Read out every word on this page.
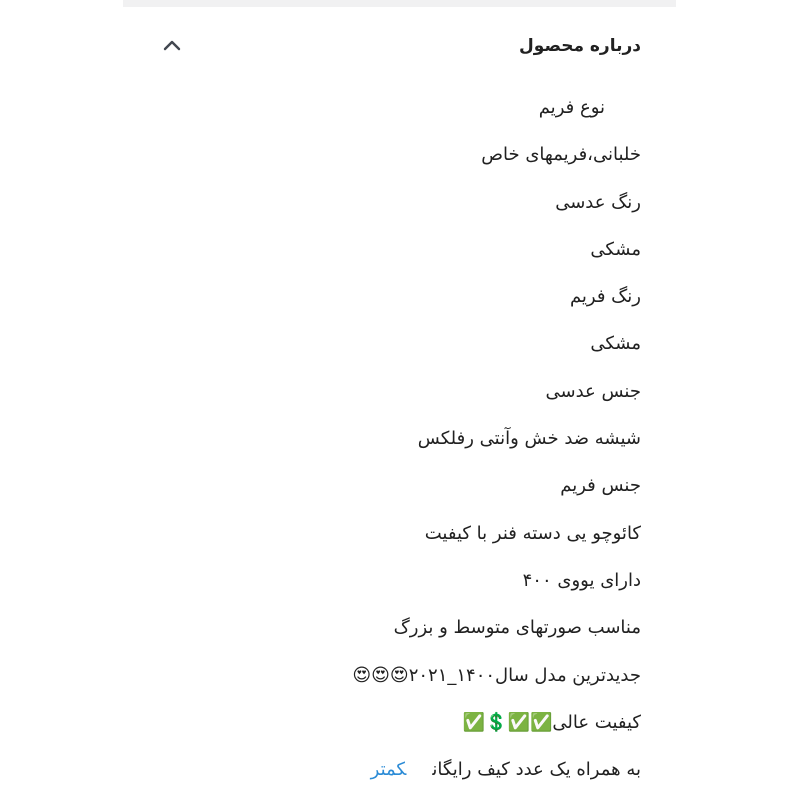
درباره محصول
نوع فریم
خلبانی،فریمهای خاص
رنگ عدسی
مشکی
رنگ فریم
مشکی
جنس عدسی
شیشه ضد خش وآنتی رفلکس
جنس فریم
کائوچو یی دسته فنر با کیفیت
دارای یووی ۴۰۰
مناسب صورتهای متوسط و بزرگ
جدیدترین مدل سال۱۴۰۰_۲۰۲۱😍😍😍
کیفیت عالی✅✅💲✅
به همراه یک عدد کیف رایگانکمتر
